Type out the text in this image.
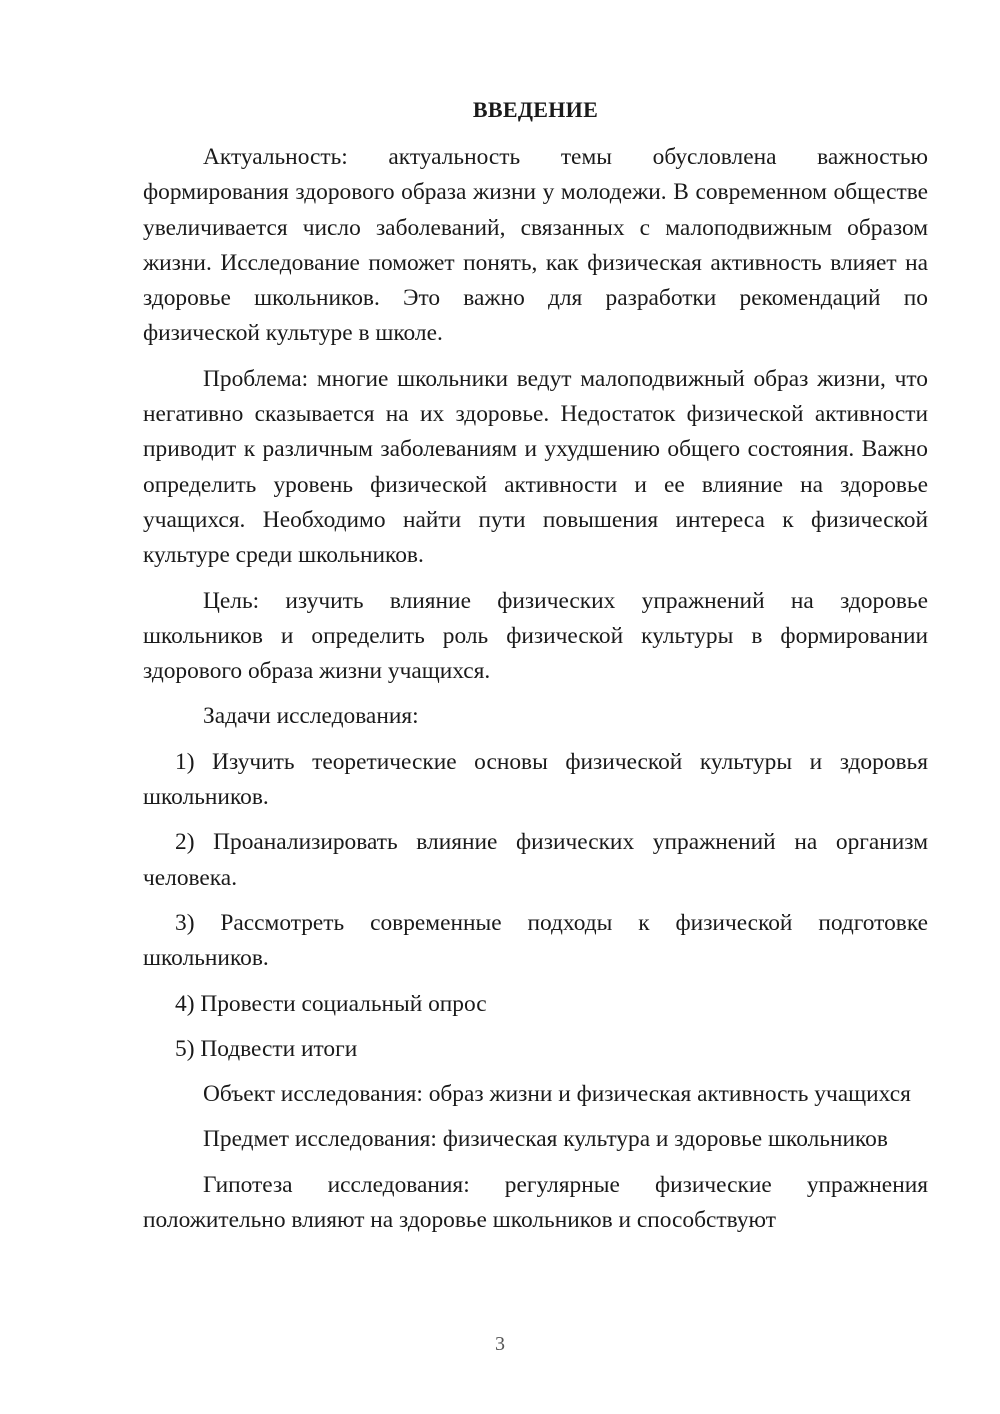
ВВЕДЕНИЕ

Актуальность: актуальность темы обусловлена важностью формирования здорового образа жизни у молодежи. В современном обществе увеличивается число заболеваний, связанных с малоподвижным образом жизни. Исследование поможет понять, как физическая активность влияет на здоровье школьников. Это важно для разработки рекомендаций по физической культуре в школе.

Проблема: многие школьники ведут малоподвижный образ жизни, что негативно сказывается на их здоровье. Недостаток физической активности приводит к различным заболеваниям и ухудшению общего состояния. Важно определить уровень физической активности и ее влияние на здоровье учащихся. Необходимо найти пути повышения интереса к физической культуре среди школьников.

Цель: изучить влияние физических упражнений на здоровье школьников и определить роль физической культуры в формировании здорового образа жизни учащихся.

Задачи исследования:

1) Изучить теоретические основы физической культуры и здоровья школьников.

2) Проанализировать влияние физических упражнений на организм человека.

3) Рассмотреть современные подходы к физической подготовке школьников.

4) Провести социальный опрос

5) Подвести итоги

Объект исследования: образ жизни и физическая активность учащихся

Предмет исследования: физическая культура и здоровье школьников

Гипотеза исследования: регулярные физические упражнения положительно влияют на здоровье школьников и способствуют

3
